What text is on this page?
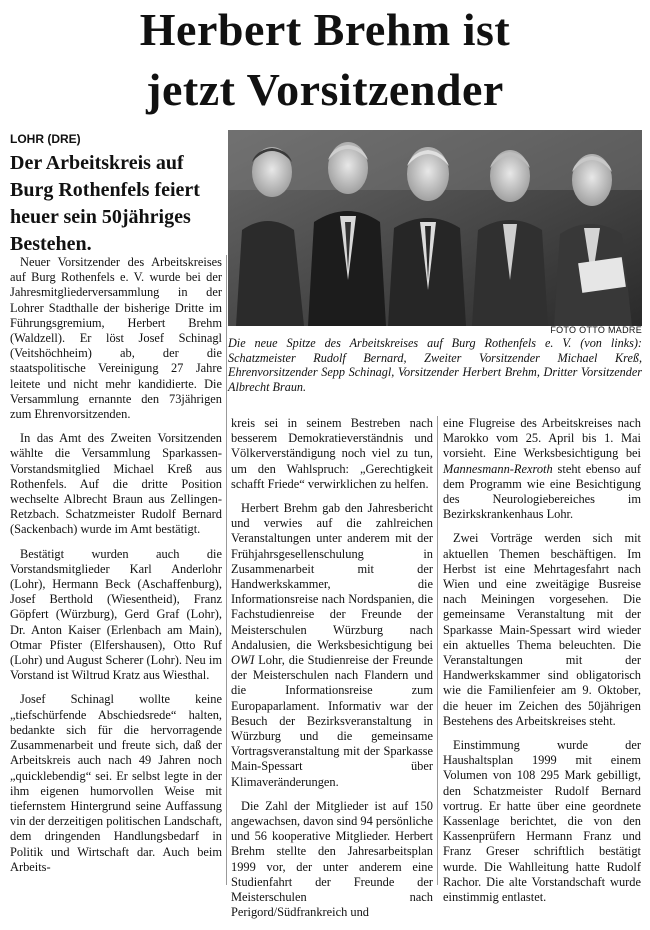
Herbert Brehm ist
jetzt Vorsitzender
LOHR (DRE)
Der Arbeitskreis auf Burg Rothenfels feiert heuer sein 50jähriges Bestehen.
FOTO OTTO MADRE
Die neue Spitze des Arbeitskreises auf Burg Rothenfels e. V. (von links): Schatzmeister Rudolf Bernard, Zweiter Vorsitzender Michael Kreß, Ehrenvorsitzender Sepp Schinagl, Vorsitzender Herbert Brehm, Dritter Vorsitzender Albrecht Braun.

Neuer Vorsitzender des Arbeitskreises auf Burg Rothenfels e. V. wurde bei der Jahresmitgliederversammlung in der Lohrer Stadthalle der bisherige Dritte im Führungsgremium, Herbert Brehm (Waldzell). Er löst Josef Schinagl (Veitshöchheim) ab, der die staatspolitische Vereinigung 27 Jahre leitete und nicht mehr kandidierte. Die Versammlung ernannte den 73jährigen zum Ehrenvorsitzenden.

In das Amt des Zweiten Vorsitzenden wählte die Versammlung Sparkassen-Vorstandsmitglied Michael Kreß aus Rothenfels. Auf die dritte Position wechselte Albrecht Braun aus Zellingen-Retzbach. Schatzmeister Rudolf Bernard (Sackenbach) wurde im Amt bestätigt.

Bestätigt wurden auch die Vorstandsmitglieder Karl Anderlohr (Lohr), Hermann Beck (Aschaffenburg), Josef Berthold (Wiesentheid), Franz Göpfert (Würzburg), Gerd Graf (Lohr), Dr. Anton Kaiser (Erlenbach am Main), Otmar Pfister (Elfershausen), Otto Ruf (Lohr) und August Scherer (Lohr). Neu im Vorstand ist Wiltrud Kratz aus Wiesthal.

Josef Schinagl wollte keine „tiefschürfende Abschiedsrede“ halten, bedankte sich für die hervorragende Zusammenarbeit und freute sich, daß der Arbeitskreis auch nach 49 Jahren noch „quicklebendig“ sei. Er selbst legte in der ihm eigenen humorvollen Weise mit tiefernstem Hintergrund seine Auffassung vin der derzeitigen politischen Landschaft, dem dringenden Handlungsbedarf in Politik und Wirtschaft dar. Auch beim Arbeits-

kreis sei in seinem Bestreben nach besserem Demokratieverständnis und Völkerverständigung noch viel zu tun, um den Wahlspruch: „Gerechtigkeit schafft Friede“ verwirklichen zu helfen.

Herbert Brehm gab den Jahresbericht und verwies auf die zahlreichen Veranstaltungen unter anderem mit der Frühjahrsgesellenschulung in Zusammenarbeit mit der Handwerkskammer, die Informationsreise nach Nordspanien, die Fachstudienreise der Freunde der Meisterschulen Würzburg nach Andalusien, die Werksbesichtigung bei OWI Lohr, die Studienreise der Freunde der Meisterschulen nach Flandern und die Informationsreise zum Europaparlament. Informativ war der Besuch der Bezirksveranstaltung in Würzburg und die gemeinsame Vortragsveranstaltung mit der Sparkasse Main-Spessart über Klimaveränderungen.

Die Zahl der Mitglieder ist auf 150 angewachsen, davon sind 94 persönliche und 56 kooperative Mitglieder. Herbert Brehm stellte den Jahresarbeitsplan 1999 vor, der unter anderem eine Studienfahrt der Freunde der Meisterschulen nach Perigord/Südfrankreich und

eine Flugreise des Arbeitskreises nach Marokko vom 25. April bis 1. Mai vorsieht. Eine Werksbesichtigung bei Mannesmann-Rexroth steht ebenso auf dem Programm wie eine Besichtigung des Neurologiebereiches im Bezirkskrankenhaus Lohr.

Zwei Vorträge werden sich mit aktuellen Themen beschäftigen. Im Herbst ist eine Mehrtagesfahrt nach Wien und eine zweitägige Busreise nach Meiningen vorgesehen. Die gemeinsame Veranstaltung mit der Sparkasse Main-Spessart wird wieder ein aktuelles Thema beleuchten. Die Veranstaltungen mit der Handwerkskammer sind obligatorisch wie die Familienfeier am 9. Oktober, die heuer im Zeichen des 50jährigen Bestehens des Arbeitskreises steht.

Einstimmung wurde der Haushaltsplan 1999 mit einem Volumen von 108 295 Mark gebilligt, den Schatzmeister Rudolf Bernard vortrug. Er hatte über eine geordnete Kassenlage berichtet, die von den Kassenprüfern Hermann Franz und Franz Greser schriftlich bestätigt wurde. Die Wahlleitung hatte Rudolf Rachor. Die alte Vorstandschaft wurde einstimmig entlastet.
